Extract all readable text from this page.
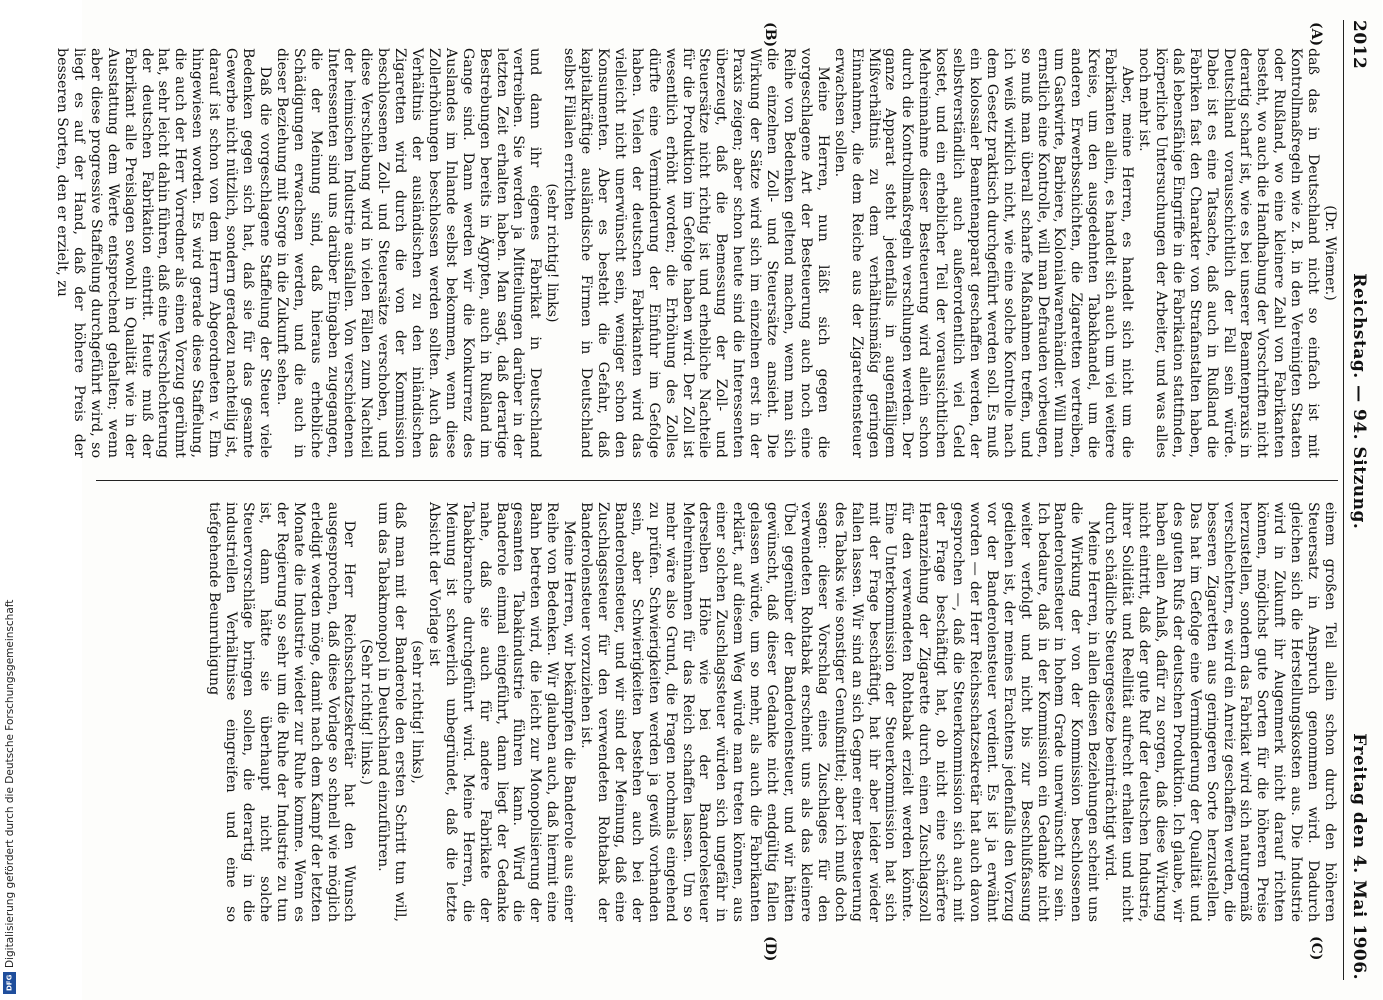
2012
Reichstag. — 94. Sitzung.
Freitag den 4. Mai 1906.
(A)
(B)
(C)
(D)

(Dr. Wiemer.)

daß das in Deutschland nicht so einfach ist mit Kontrollmaßregeln wie z. B. in den Vereinigten Staaten oder Rußland, wo eine kleinere Zahl von Fabrikanten besteht, wo auch die Handhabung der Vorschriften nicht derartig scharf ist, wie es bei unserer Beamtenpraxis in Deutschland vorausschichtlich der Fall sein würde. Dabei ist es eine Tatsache, daß auch in Rußland die Fabriken fast den Charakter von Strafanstalten haben, daß lebensfähige Eingriffe in die Fabrikation stattfinden, körperliche Untersuchungen der Arbeiter, und was alles noch mehr ist.

Aber, meine Herren, es handelt sich nicht um die Fabrikanten allein, es handelt sich auch um viel weitere Kreise, um den ausgedehnten Tabakhandel, um die anderen Erwerbsschichten, die Zigaretten vertreiben, um Gastwirte, Barbiere, Kolonialwarenhändler. Will man ernstlich eine Kontrolle, will man Defrauden vorbeugen, so muß man überall scharfe Maßnahmen treffen, und ich weiß wirklich nicht, wie eine solche Kontrolle nach dem Gesetz praktisch durchgeführt werden soll. Es muß ein kolossaler Beamtenapparat geschaffen werden, der selbstverständlich auch außerordentlich viel Geld kostet, und ein erheblicher Teil der voraussichtlichen Mehreinnahme dieser Besteuerung wird allein schon durch die Kontrollmaßregeln verschlungen werden. Der ganze Apparat steht jedenfalls in augenfälligem Mißverhältnis zu dem verhältnismäßig geringen Einnahmen, die dem Reiche aus der Zigarettensteuer erwachsen sollen.

Meine Herren, nun läßt sich gegen die vorgeschlagene Art der Besteuerung auch noch eine Reihe von Bedenken geltend machen, wenn man sich die einzelnen Zoll- und Steuersätze ansieht. Die Wirkung der Sätze wird sich im einzelnen erst in der Praxis zeigen; aber schon heute sind die Interessenten überzeugt, daß die Bemessung der Zoll- und Steuersätze nicht richtig ist und erhebliche Nachteile für die Produktion im Gefolge haben wird. Der Zoll ist wesentlich erhöht worden; die Erhöhung des Zolles dürfte eine Verminderung der Einfuhr im Gefolge haben. Vielen der deutschen Fabrikanten wird das vielleicht nicht unerwünscht sein, weniger schon den Konsumenten. Aber es besteht die Gefahr, daß kapitalkräftige ausländische Firmen in Deutschland selbst Filialen errichten

(sehr richtig! links)

und dann ihr eigenes Fabrikat in Deutschland vertreiben. Sie werden ja Mitteilungen darüber in der letzten Zeit erhalten haben. Man sagt, daß derartige Bestrebungen bereits in Ägypten, auch in Rußland im Gange sind. Dann werden wir die Konkurrenz des Auslandes im Inlande selbst bekommen, wenn diese Zollerhöhungen beschlossen werden sollten. Auch das Verhältnis der ausländischen zu den inländischen Zigaretten wird durch die von der Kommission beschlossenen Zoll- und Steuersätze verschoben, und diese Verschiebung wird in vielen Fällen zum Nachteil der heimischen Industrie ausfallen. Von verschiedenen Interessenten sind uns darüber Eingaben zugegangen, die der Meinung sind, daß hieraus erhebliche Schädigungen erwachsen werden, und die auch in dieser Beziehung mit Sorge in die Zukunft sehen.

Daß die vorgeschlagene Staffelung der Steuer viele Bedenken gegen sich hat, daß sie für das gesamte Gewerbe nicht nützlich, sondern geradezu nachteilig ist, darauf ist schon von dem Herrn Abgeordneten v. Elm hingewiesen worden. Es wird gerade diese Staffelung, die auch der Herr Vorredner als einen Vorzug gerühmt hat, sehr leicht dahin führen, daß eine Verschlechterung der deutschen Fabrikation eintritt. Heute muß der Fabrikant alle Preislagen sowohl in Qualität wie in der Ausstattung dem Werte entsprechend gehalten; wenn aber diese progressive Staffelung durchgeführt wird, so liegt es auf der Hand, daß der höhere Preis der besseren Sorten, den er erzielt, zu

einem großen Teil allein schon durch den höheren Steuersatz in Anspruch genommen wird. Dadurch gleichen sich die Herstellungskosten aus. Die Industrie wird in Zukunft ihr Augenmerk nicht darauf richten können, möglichst gute Sorten für die höheren Preise herzustellen, sondern das Fabrikat wird sich naturgemäß verschlechtern, es wird ein Anreiz geschaffen werden, die besseren Zigaretten aus geringeren Sorte herzustellen. Das hat im Gefolge eine Verminderung der Qualität und des guten Rufs der deutschen Produktion. Ich glaube, wir haben allen Anlaß, dafür zu sorgen, daß diese Wirkung nicht eintritt, daß der gute Ruf der deutschen Industrie, ihrer Solidität und Reellität aufrecht erhalten und nicht durch schädliche Steuergesetze beeinträchtigt wird.

Meine Herren, in allen diesen Beziehungen scheint uns die Wirkung der von der Kommission beschlossenen Banderolensteuer in hohem Grade unerwünscht zu sein. Ich bedaure, daß in der Kommission ein Gedanke nicht weiter verfolgt und nicht bis zur Beschlußfassung gediehen ist, der meines Erachtens jedenfalls den Vorzug vor der Banderolensteuer verdient. Es ist ja erwähnt worden — der Herr Reichsschatzsekretär hat auch davon gesprochen —, daß die Steuerkommission sich auch mit der Frage beschäftigt hat, ob nicht eine schärfere Heranziehung der Zigarette durch einen Zuschlagszoll für den verwendeten Rohtabak erzielt werden könnte. Eine Unterkommission der Steuerkommission hat sich mit der Frage beschäftigt, hat ihr aber leider wieder fallen lassen. Wir sind an sich Gegner einer Besteuerung des Tabaks wie sonstiger Genußmittel; aber ich muß doch sagen: dieser Vorschlag eines Zuschlages für den verwendeten Rohtabak erscheint uns als das kleinere Übel gegenüber der Banderolensteuer, und wir hätten gewünscht, daß dieser Gedanke nicht endgültig fallen gelassen würde, um so mehr, als auch die Fabrikanten erklärt, auf diesem Weg würde man treten können, aus einer solchen Zuschlagssteuer würden sich ungefähr in derselben Höhe wie bei der Banderolesteuer Mehreinnahmen für das Reich schaffen lassen. Um so mehr wäre also Grund, die Fragen nochmals eingehend zu prüfen. Schwierigkeiten werden ja gewiß vorhanden sein, aber Schwierigkeiten bestehen auch bei der Banderolensteuer, und wir sind der Meinung, daß eine Zuschlagssteuer für den verwendeten Rohtabak der Banderolensteuer vorzuziehen ist.

Meine Herren, wir bekämpfen die Banderole aus einer Reihe von Bedenken. Wir glauben auch, daß hiermit eine Bahn betreten wird, die leicht zur Monopolisierung der gesamten Tabakindustrie führen kann. Wird die Banderole einmal eingeführt, dann liegt der Gedanke nahe, daß sie auch für andere Fabrikate der Tabakbranche durchgeführt wird. Meine Herren, die Meinung ist schwerlich unbegründet, daß die letzte Absicht der Vorlage ist

(sehr richtig! links),

daß man mit der Banderole den ersten Schritt tun will, um das Tabakmonopol in Deutschland einzuführen.

(Sehr richtig! links.)

Der Herr Reichsschatzsekretär hat den Wunsch ausgesprochen, daß diese Vorlage so schnell wie möglich erledigt werden möge, damit nach dem Kampf der letzten Monate die Industrie wieder zur Ruhe komme. Wenn es der Regierung so sehr um die Ruhe der Industrie zu tun ist, dann hätte sie überhaupt nicht solche Steuervorschläge bringen sollen, die derartig in die industriellen Verhältnisse eingreifen und eine so tiefgehende Beunruhigung

Digitalisierung gefördert durch die Deutsche Forschungsgemeinschaft
DFG
